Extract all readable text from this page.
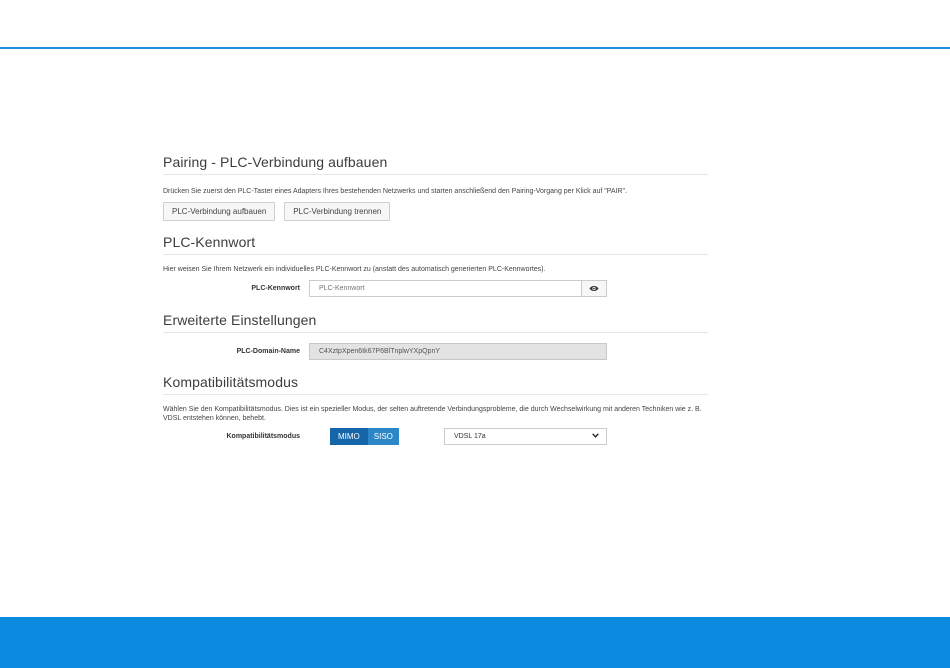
Pairing - PLC-Verbindung aufbauen

Drücken Sie zuerst den PLC-Taster eines Adapters Ihres bestehenden Netzwerks und starten anschließend den Pairing-Vorgang per Klick auf "PAIR".

PLC-Verbindung aufbauen	PLC-Verbindung trennen
PLC-Kennwort

Hier weisen Sie Ihrem Netzwerk ein individuelles PLC-Kennwort zu (anstatt des automatisch generierten PLC-Kennwortes).

PLC-Kennwort
PLC-Kennwort
Erweiterte Einstellungen
PLC-Domain-Name	C4XztpXpen6tk67P6BlTnplwYXpQpnY
Kompatibilitätsmodus

Wählen Sie den Kompatibilitätsmodus. Dies ist ein spezieller Modus, der selten auftretende Verbindungsprobleme, die durch Wechselwirkung mit anderen Techniken wie z. B. VDSL entstehen können, behebt.

Kompatibilitätsmodus	MIMO	SISO	VDSL 17a
